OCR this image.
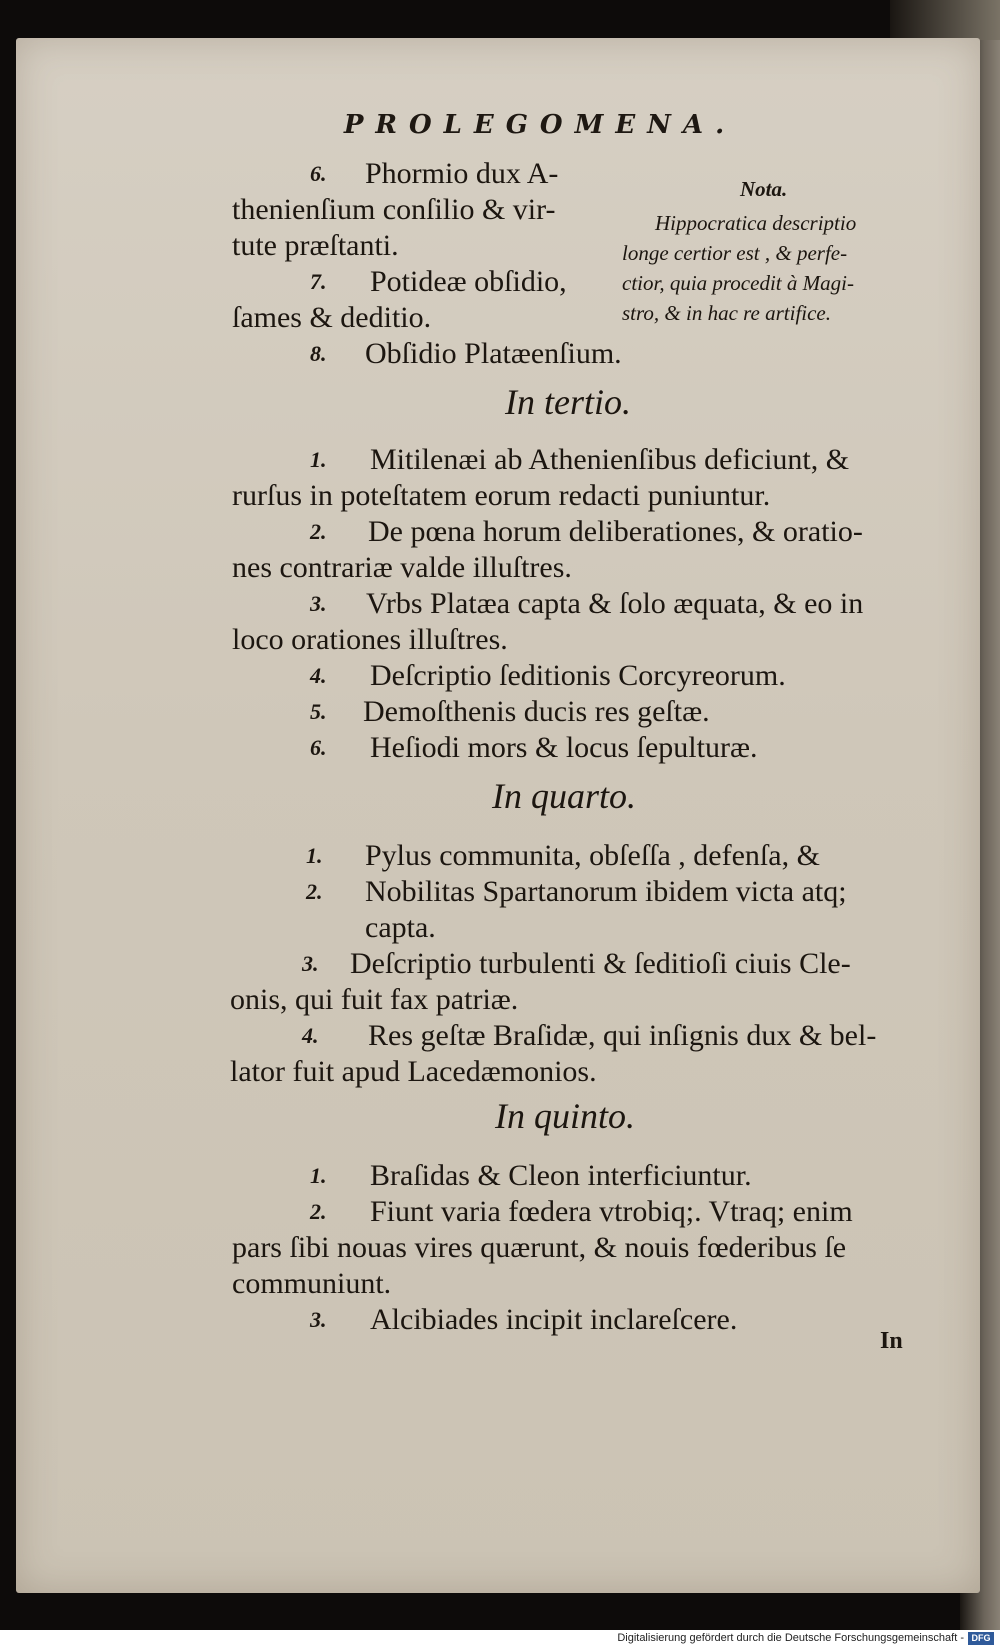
PROLEGOMENA.
6. Phormio dux A-
thenienſium conſilio & vir-
tute præſtanti.
7. Potideæ obſidio,
ſames & deditio.
8. Obſidio Platæenſium.
Nota.
Hippocratica descriptio
longe certior est , & perfe-
ctior, quia procedit à Magi-
stro, & in hac re artifice.
In tertio.
1. Mitilenæi ab Athenienſibus deficiunt, &
rurſus in poteſtatem eorum redacti puniuntur.
2. De pœna horum deliberationes, & oratio-
nes contrariæ valde illuſtres.
3. Vrbs Platæa capta & ſolo æquata, & eo in
loco orationes illuſtres.
4. Deſcriptio ſeditionis Corcyreorum.
5. Demoſthenis ducis res geſtæ.
6. Heſiodi mors & locus ſepulturæ.
In quarto.
1. Pylus communita, obſeſſa , defenſa, &
2. Nobilitas Spartanorum ibidem victa atq;
capta.
3. Deſcriptio turbulenti & ſeditioſi ciuis Cle-
onis, qui fuit fax patriæ.
4. Res geſtæ Braſidæ, qui inſignis dux & bel-
lator fuit apud Lacedæmonios.
In quinto.
1. Braſidas & Cleon interficiuntur.
2. Fiunt varia fœdera vtrobiq;. Vtraq; enim
pars ſibi nouas vires quærunt, & nouis fœderibus ſe
communiunt.
3. Alcibiades incipit inclareſcere.
In
Digitalisierung gefördert durch die Deutsche Forschungsgemeinschaft - DFG
